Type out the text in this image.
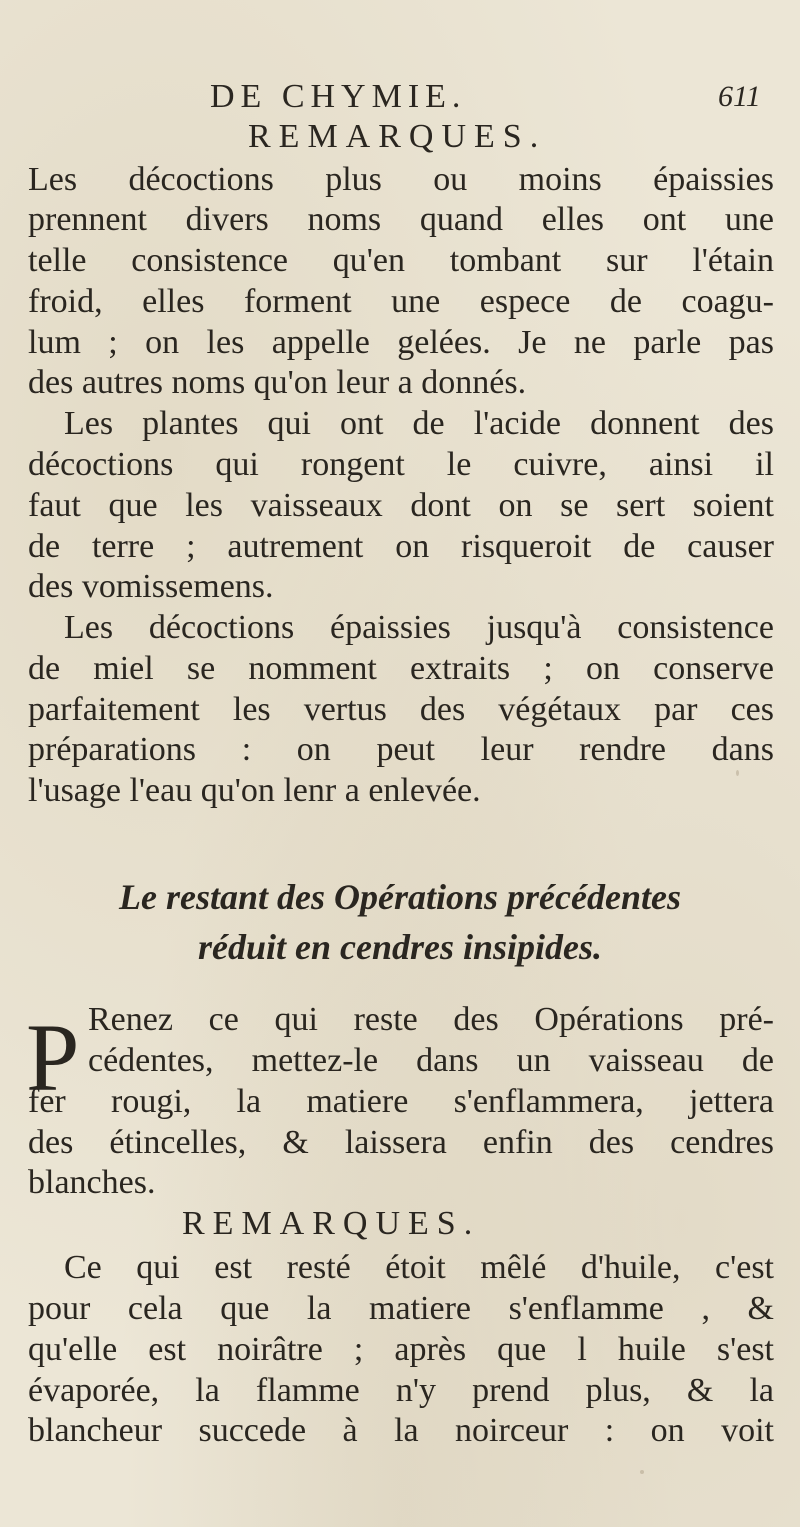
DE CHYMIE.	611
REMARQUES.
Les décoctions plus ou moins épaissies
prennent divers noms quand elles ont une
telle consistence qu'en tombant sur l'étain
froid, elles forment une espece de coagu-
lum ; on les appelle gelées. Je ne parle pas
des autres noms qu'on leur a donnés.
Les plantes qui ont de l'acide donnent des
décoctions qui rongent le cuivre, ainsi il
faut que les vaisseaux dont on se sert soient
de terre ; autrement on risqueroit de causer
des vomissemens.
Les décoctions épaissies jusqu'à consistence
de miel se nomment extraits ; on conserve
parfaitement les vertus des végétaux par ces
préparations : on peut leur rendre dans
l'usage l'eau qu'on lenr a enlevée.
Le restant des Opérations précédentes
réduit en cendres insipides.
P Renez ce qui reste des Opérations pré-
cédentes, mettez-le dans un vaisseau de
fer rougi, la matiere s'enflammera, jettera
des étincelles, & laissera enfin des cendres
blanches.
REMARQUES.
Ce qui est resté étoit mêlé d'huile, c'est
pour cela que la matiere s'enflamme , &
qu'elle est noirâtre ; après que l huile s'est
évaporée, la flamme n'y prend plus, & la
blancheur succede à la noirceur : on voit
